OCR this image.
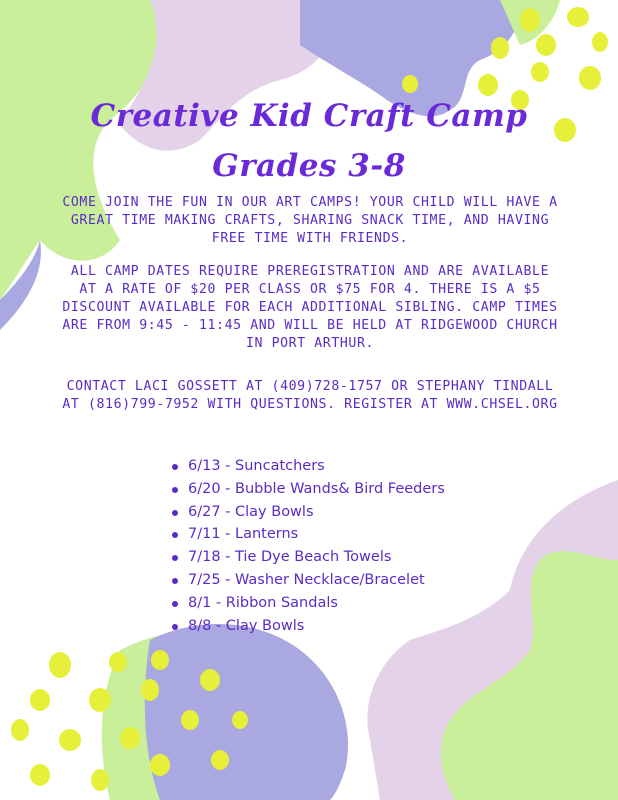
Creative Kid Craft Camp
Grades 3-8

COME JOIN THE FUN IN OUR ART CAMPS! YOUR CHILD WILL HAVE A GREAT TIME MAKING CRAFTS, SHARING SNACK TIME, AND HAVING FREE TIME WITH FRIENDS.

ALL CAMP DATES REQUIRE PREREGISTRATION AND ARE AVAILABLE AT A RATE OF $20 PER CLASS OR $75 FOR 4. THERE IS A $5 DISCOUNT AVAILABLE FOR EACH ADDITIONAL SIBLING. CAMP TIMES ARE FROM 9:45 - 11:45 AND WILL BE HELD AT RIDGEWOOD CHURCH IN PORT ARTHUR.

CONTACT LACI GOSSETT AT (409)728-1757 OR STEPHANY TINDALL AT (816)799-7952 WITH QUESTIONS. REGISTER AT WWW.CHSEL.ORG

6/13 - Suncatchers
6/20 - Bubble Wands& Bird Feeders
6/27 - Clay Bowls
7/11 - Lanterns
7/18 - Tie Dye Beach Towels
7/25 - Washer Necklace/Bracelet
8/1 - Ribbon Sandals
8/8 - Clay Bowls
